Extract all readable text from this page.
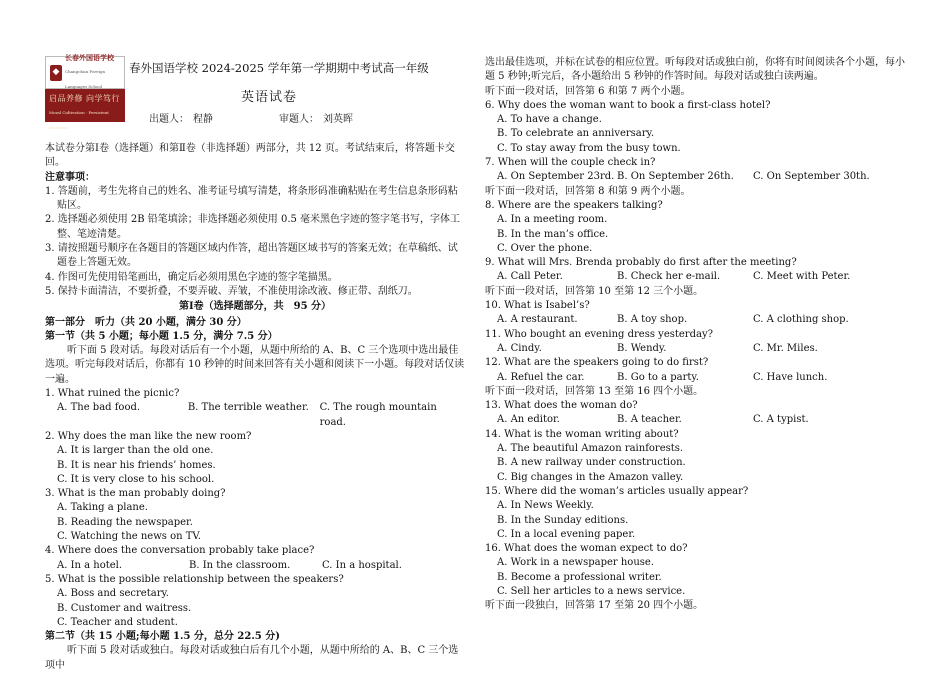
◆
长春外国语学校
Changchun Foreign Languages School
启品养修 向学笃行
Moral Cultivation · Persistent Endeavor
春外国语学校 2024-2025 学年第一学期期中考试高一年级
英语试卷
出题人： 程静	审题人： 刘英晖

本试卷分第Ⅰ卷（选择题）和第Ⅱ卷（非选择题）两部分，共 12 页。考试结束后，将答题卡交回。

注意事项：

1. 答题前，考生先将自己的姓名、准考证号填写清楚，将条形码准确粘贴在考生信息条形码粘贴区。

2. 选择题必须使用 2B 铅笔填涂；非选择题必须使用 0.5 毫米黑色字迹的签字笔书写，字体工整、笔迹清楚。

3. 请按照题号顺序在各题目的答题区域内作答，超出答题区域书写的答案无效；在草稿纸、试题卷上答题无效。

4. 作图可先使用铅笔画出，确定后必须用黑色字迹的签字笔描黑。

5. 保持卡面清洁，不要折叠，不要弄破、弄皱，不准使用涂改液、修正带、刮纸刀。

第Ⅰ卷（选择题部分，共　95 分）

第一部分　听力（共 20 小题，满分 30 分）

第一节（共 5 小题；每小题 1.5 分，满分 7.5 分）

听下面 5 段对话。每段对话后有一个小题，从题中所给的 A、B、C 三个选项中选出最佳选项。听完每段对话后，你都有 10 秒钟的时间来回答有关小题和阅读下一小题。每段对话仅读一遍。

1. What ruined the picnic?

A. The bad food.	B. The terrible weather.	C. The rough mountain road.

2. Why does the man like the new room?

A. It is larger than the old one.

B. It is near his friends’ homes.

C. It is very close to his school.

3. What is the man probably doing?

A. Taking a plane.

B. Reading the newspaper.

C. Watching the news on TV.

4. Where does the conversation probably take place?

A. In a hotel.	B. In the classroom.	C. In a hospital.

5. What is the possible relationship between the speakers?

A. Boss and secretary.

B. Customer and waitress.

C. Teacher and student.

第二节（共 15 小题;每小题 1.5 分，总分 22.5 分)

听下面 5 段对话或独白。每段对话或独白后有几个小题，从题中所给的 A、B、C 三个选项中

选出最佳选项，并标在试卷的相应位置。听每段对话或独白前，你将有时间阅读各个小题，每小题 5 秒钟;听完后，各小题给出 5 秒钟的作答时间。每段对话或独白读两遍。

听下面一段对话，回答第 6 和第 7 两个小题。

6. Why does the woman want to book a first-class hotel?

A. To have a change.

B. To celebrate an anniversary.

C. To stay away from the busy town.

7. When will the couple check in?

A. On September 23rd. B. On September 26th.	C. On September 30th.

听下面一段对话，回答第 8 和第 9 两个小题。

8. Where are the speakers talking?

A. In a meeting room.

B. In the man’s office.

C. Over the phone.

9. What will Mrs. Brenda probably do first after the meeting?

A. Call Peter.	B. Check her e-mail.	C. Meet with Peter.

听下面一段对话，回答第 10 至第 12 三个小题。

10. What is Isabel’s?

A. A restaurant.	B. A toy shop.	C. A clothing shop.

11. Who bought an evening dress yesterday?

A. Cindy.	B. Wendy.	C. Mr. Miles.

12. What are the speakers going to do first?

A. Refuel the car.	B. Go to a party.	C. Have lunch.

听下面一段对话，回答第 13 至第 16 四个小题。

13. What does the woman do?

A. An editor.	B. A teacher.	C. A typist.

14. What is the woman writing about?

A. The beautiful Amazon rainforests.

B. A new railway under construction.

C. Big changes in the Amazon valley.

15. Where did the woman’s articles usually appear?

A. In News Weekly.

B. In the Sunday editions.

C. In a local evening paper.

16. What does the woman expect to do?

A. Work in a newspaper house.

B. Become a professional writer.

C. Sell her articles to a news service.

听下面一段独白，回答第 17 至第 20 四个小题。
